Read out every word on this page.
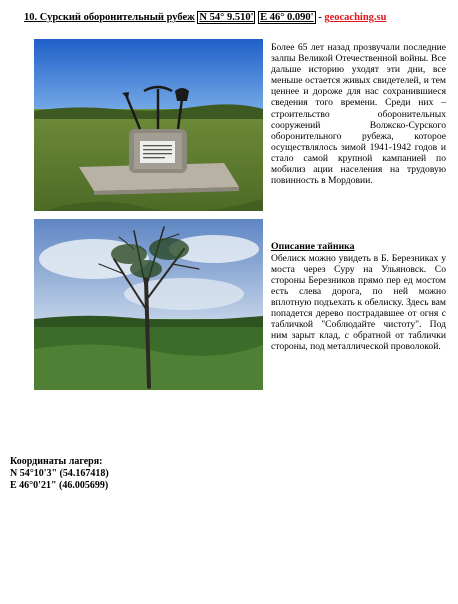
10. Сурский оборонительный рубеж N 54° 9.510' E 46° 0.090' - geocaching.su
Более 65 лет назад прозвучали последние залпы Великой Отечественной войны. Все дальше историю уходят эти дни, все меньше остается живых свидетелей, и тем ценнее и дороже для нас сохранившиеся сведения того времени. Среди них – строительство оборонительных сооружений Волжско-Сурского оборонительного рубежа, которое осуществлялось зимой 1941-1942 годов и стало самой крупной кампанией по мобилиз ации населения на трудовую повинность в Мордовии.
Описание тайника
Обелиск можно увидеть в Б. Березниках у моста через Суру на Ульяновск. Со стороны Березников прямо пер ед мостом есть слева дорога, по ней можно вплотную подъехать к обелиску. Здесь вам попадется дерево пострадавшее от огня с табличкой "Соблюдайте чистоту". Под ним зарыт клад, с обратной от таблички стороны, под металлической проволокой.
Координаты лагеря:
N 54°10'3" (54.167418)
E 46°0'21" (46.005699)
